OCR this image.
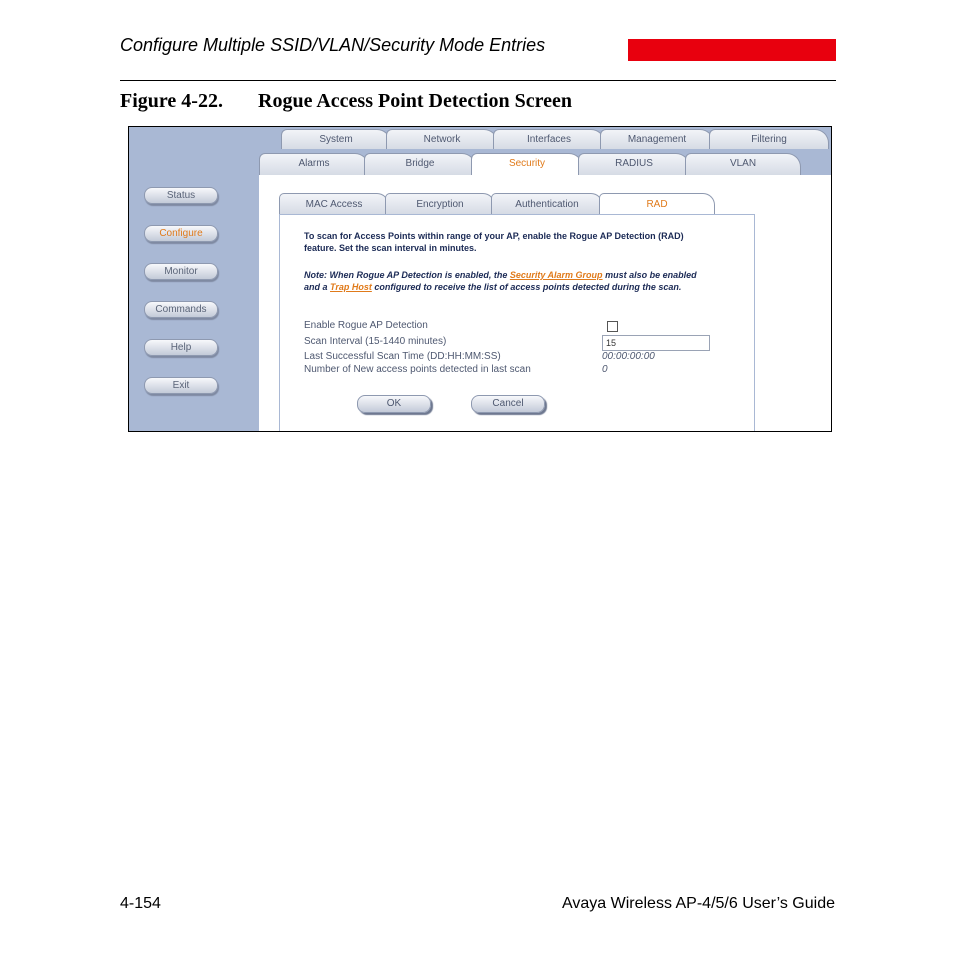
Configure Multiple SSID/VLAN/Security Mode Entries
Figure 4-22. Rogue Access Point Detection Screen
Status
Configure
Monitor
Commands
Help
Exit
System	Network	Interfaces	Management	Filtering
Alarms	Bridge	Security	RADIUS	VLAN
MAC Access	Encryption	Authentication	RAD
To scan for Access Points within range of your AP, enable the Rogue AP Detection (RAD)
feature. Set the scan interval in minutes.
Note: When Rogue AP Detection is enabled, the Security Alarm Group must also be enabled
and a Trap Host configured to receive the list of access points detected during the scan.
Enable Rogue AP Detection
Scan Interval (15-1440 minutes)	15
Last Successful Scan Time (DD:HH:MM:SS)	00:00:00:00
Number of New access points detected in last scan	0
OK	Cancel
4-154	Avaya Wireless AP-4/5/6 User’s Guide
